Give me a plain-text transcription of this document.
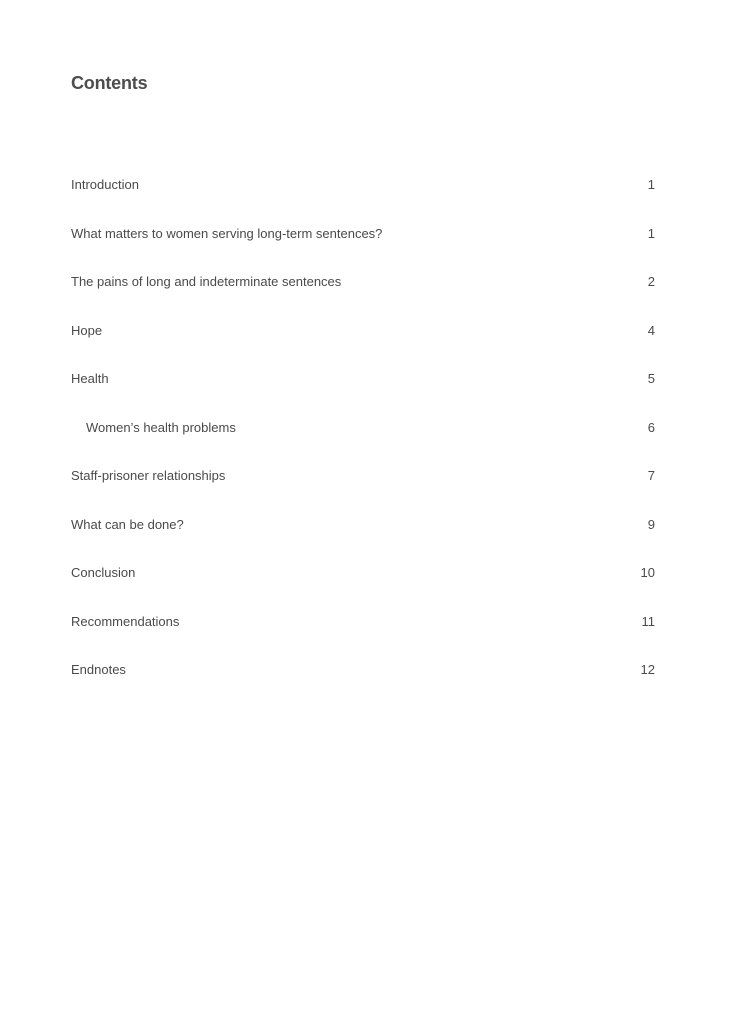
Contents
Introduction	1
What matters to women serving long-term sentences?	1
The pains of long and indeterminate sentences	2
Hope	4
Health	5
Women’s health problems	6
Staff-prisoner relationships	7
What can be done?	9
Conclusion	10
Recommendations	11
Endnotes	12
